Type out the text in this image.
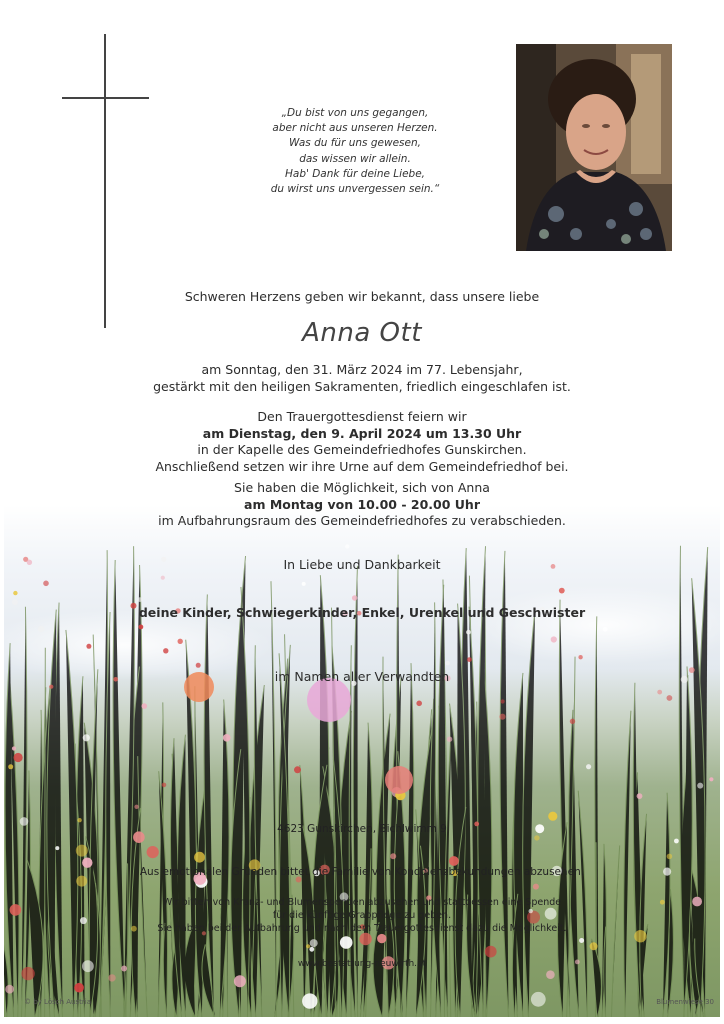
„Du bist von uns gegangen,
aber nicht aus unseren Herzen.
Was du für uns gewesen,
das wissen wir allein.
Hab' Dank für deine Liebe,
du wirst uns unvergessen sein.“
Schweren Herzens geben wir bekannt, dass unsere liebe
Anna Ott
am Sonntag, den 31. März 2024 im 77. Lebensjahr,
gestärkt mit den heiligen Sakramenten, friedlich eingeschlafen ist.
Den Trauergottesdienst feiern wir
am Dienstag, den 9. April 2024 um 13.30 Uhr
in der Kapelle des Gemeindefriedhofes Gunskirchen.
Anschließend setzen wir ihre Urne auf dem Gemeindefriedhof bei.
Sie haben die Möglichkeit, sich von Anna
am Montag von 10.00 - 20.00 Uhr
im Aufbahrungsraum des Gemeindefriedhofes zu verabschieden.
In Liebe und Dankbarkeit
deine Kinder, Schwiegerkinder, Enkel, Urenkel und Geschwister
im Namen aller Verwandten
4623 Gunskirchen, Bichlwimm 9
Aus emotionalen Gründen bittet die Familie von Kondolenzbekundungen abzusehen.
Wir bitten von Kranz- und Blumenspenden abzusehen und stattdessen eine Spende
für die künftige Grabpflege zu geben.
Sie haben bei der Aufbahrung und nach dem Trauergottesdienst dazu die Möglichkeit.
www.bestattung-neuwirth.at
© by Lösch Austria	Blumenwiese 30
